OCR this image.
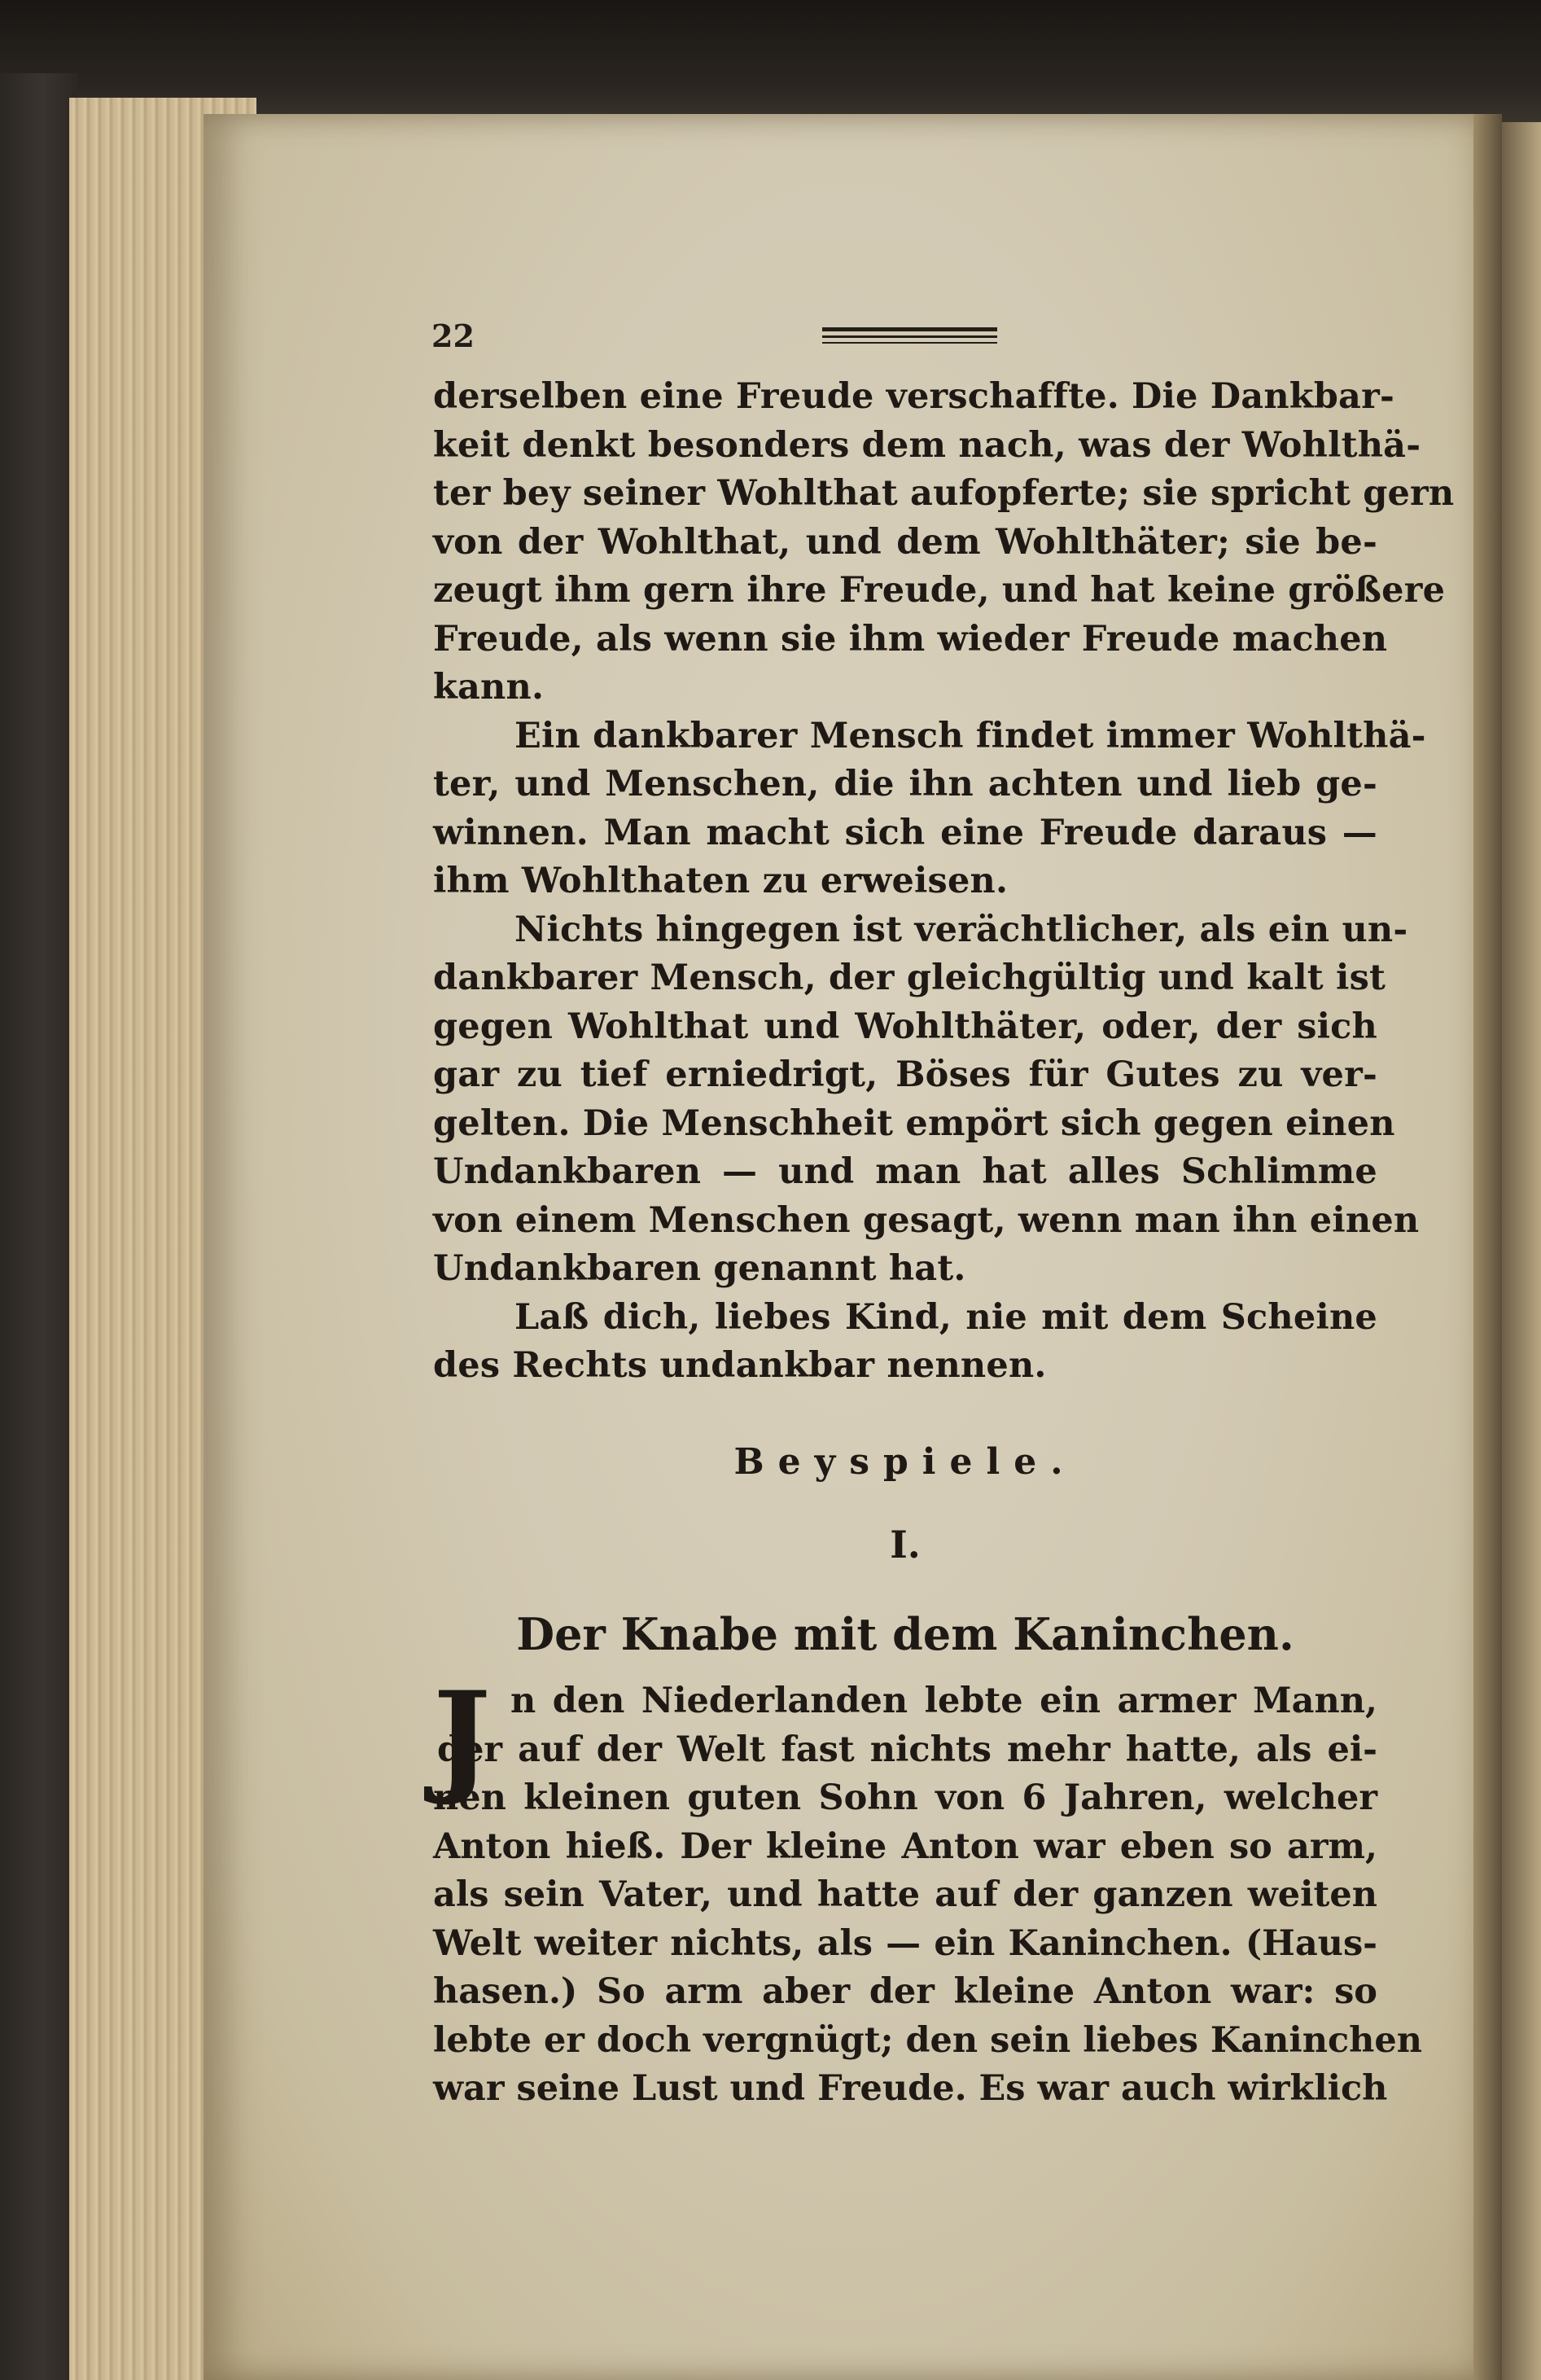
22
derselben eine Freude verschaffte. Die Dankbar-
keit denkt besonders dem nach, was der Wohlthä-
ter bey seiner Wohlthat aufopferte; sie spricht gern
von der Wohlthat, und dem Wohlthäter; sie be-
zeugt ihm gern ihre Freude, und hat keine größere
Freude, als wenn sie ihm wieder Freude machen
kann.
Ein dankbarer Mensch findet immer Wohlthä-
ter, und Menschen, die ihn achten und lieb ge-
winnen. Man macht sich eine Freude daraus —
ihm Wohlthaten zu erweisen.
Nichts hingegen ist verächtlicher, als ein un-
dankbarer Mensch, der gleichgültig und kalt ist
gegen Wohlthat und Wohlthäter, oder, der sich
gar zu tief erniedrigt, Böses für Gutes zu ver-
gelten. Die Menschheit empört sich gegen einen
Undankbaren — und man hat alles Schlimme
von einem Menschen gesagt, wenn man ihn einen
Undankbaren genannt hat.
Laß dich, liebes Kind, nie mit dem Scheine
des Rechts undankbar nennen.
Beyspiele.
I.
Der Knabe mit dem Kaninchen.
J n den Niederlanden lebte ein armer Mann,
der auf der Welt fast nichts mehr hatte, als ei-
nen kleinen guten Sohn von 6 Jahren, welcher
Anton hieß. Der kleine Anton war eben so arm,
als sein Vater, und hatte auf der ganzen weiten
Welt weiter nichts, als — ein Kaninchen. (Haus-
hasen.) So arm aber der kleine Anton war: so
lebte er doch vergnügt; den sein liebes Kaninchen
war seine Lust und Freude. Es war auch wirklich
